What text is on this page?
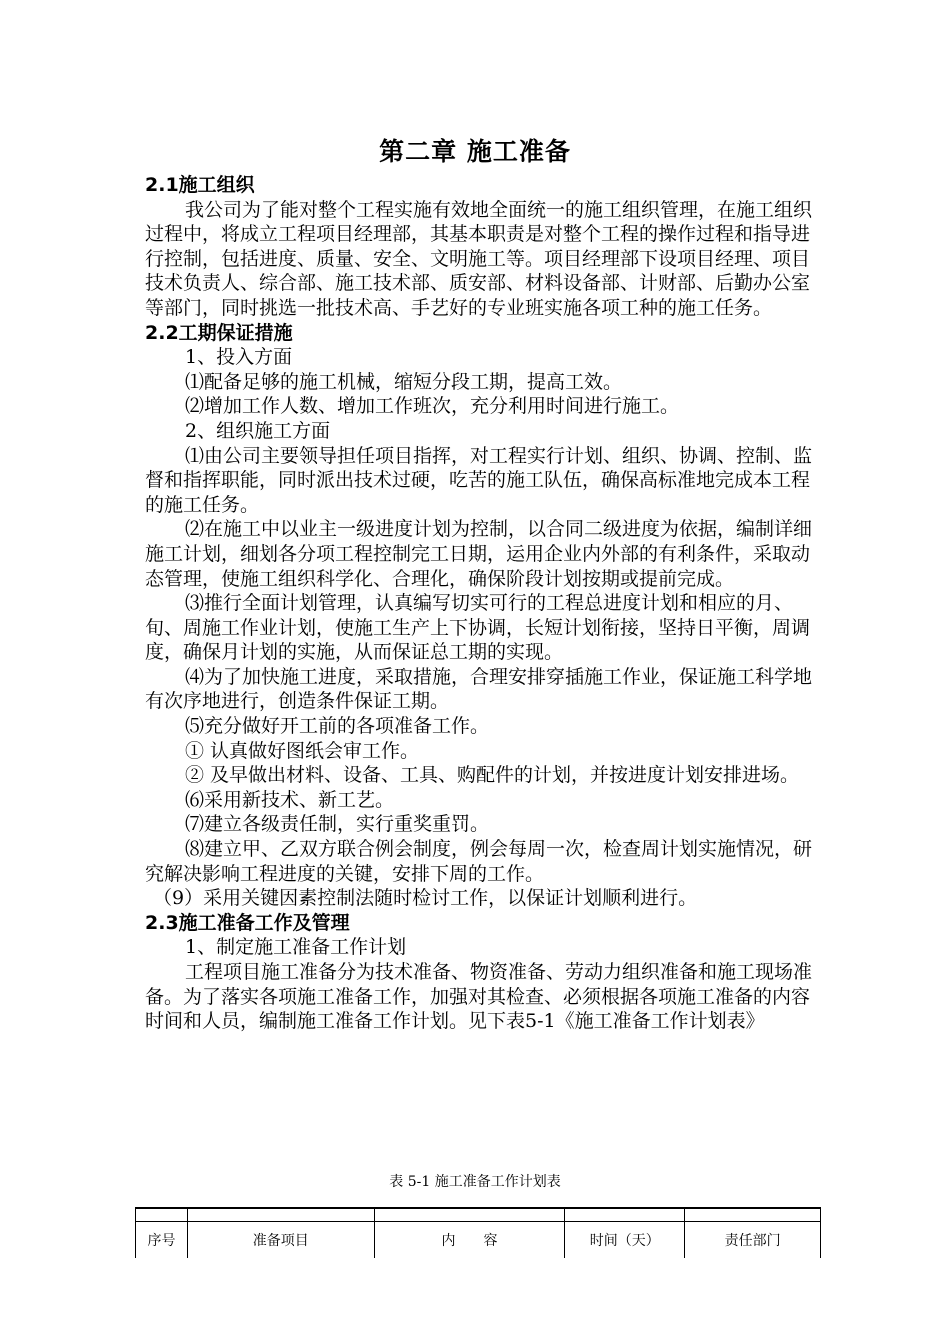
第二章 施工准备

2.1施工组织

我公司为了能对整个工程实施有效地全面统一的施工组织管理，在施工组织过程中，将成立工程项目经理部，其基本职责是对整个工程的操作过程和指导进行控制，包括进度、质量、安全、文明施工等。项目经理部下设项目经理、项目技术负责人、综合部、施工技术部、质安部、材料设备部、计财部、后勤办公室等部门，同时挑选一批技术高、手艺好的专业班实施各项工种的施工任务。

2.2工期保证措施

1、投入方面

⑴配备足够的施工机械，缩短分段工期，提高工效。

⑵增加工作人数、增加工作班次，充分利用时间进行施工。

2、组织施工方面

⑴由公司主要领导担任项目指挥，对工程实行计划、组织、协调、控制、监督和指挥职能，同时派出技术过硬，吃苦的施工队伍，确保高标准地完成本工程的施工任务。

⑵在施工中以业主一级进度计划为控制，以合同二级进度为依据，编制详细施工计划，细划各分项工程控制完工日期，运用企业内外部的有利条件，采取动态管理，使施工组织科学化、合理化，确保阶段计划按期或提前完成。

⑶推行全面计划管理，认真编写切实可行的工程总进度计划和相应的月、旬、周施工作业计划，使施工生产上下协调，长短计划衔接，坚持日平衡，周调度，确保月计划的实施，从而保证总工期的实现。

⑷为了加快施工进度，采取措施，合理安排穿插施工作业，保证施工科学地有次序地进行，创造条件保证工期。

⑸充分做好开工前的各项准备工作。

① 认真做好图纸会审工作。

② 及早做出材料、设备、工具、购配件的计划，并按进度计划安排进场。

⑹采用新技术、新工艺。

⑺建立各级责任制，实行重奖重罚。

⑻建立甲、乙双方联合例会制度，例会每周一次，检查周计划实施情况，研究解决影响工程进度的关键，安排下周的工作。

（9）采用关键因素控制法随时检讨工作，以保证计划顺利进行。

2.3施工准备工作及管理

1、制定施工准备工作计划

工程项目施工准备分为技术准备、物资准备、劳动力组织准备和施工现场准备。为了落实各项施工准备工作，加强对其检查、必须根据各项施工准备的内容时间和人员，编制施工准备工作计划。见下表5-1《施工准备工作计划表》

表 5-1 施工准备工作计划表

序号	准备项目	内　　容	时间（天）	责任部门
